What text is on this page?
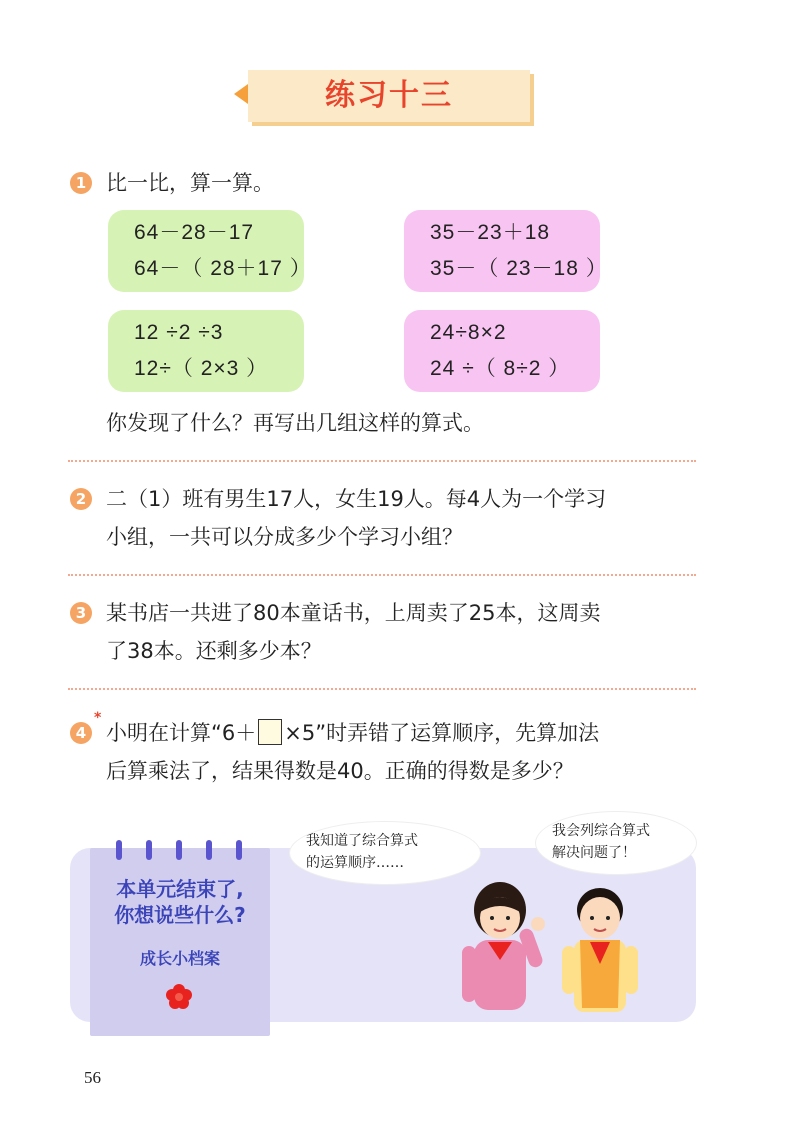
练习十三
1 比一比，算一算。
64－28－17
64－（ 28＋17 ）
35－23＋18
35－（ 23－18 ）
12 ÷2 ÷3
12÷（ 2×3 ）
24÷8×2
24 ÷（ 8÷2 ）
你发现了什么？再写出几组这样的算式。
2 二（1）班有男生17人，女生19人。每4人为一个学习
小组，一共可以分成多少个学习小组？
3 某书店一共进了80本童话书，上周卖了25本，这周卖
了38本。还剩多少本？
4
*
小明在计算“6＋ ×5”时弄错了运算顺序，先算加法
后算乘法了，结果得数是40。正确的得数是多少？
本单元结束了,
你想说些什么?
成长小档案
我知道了综合算式
的运算顺序……
我会列综合算式
解决问题了！
56
